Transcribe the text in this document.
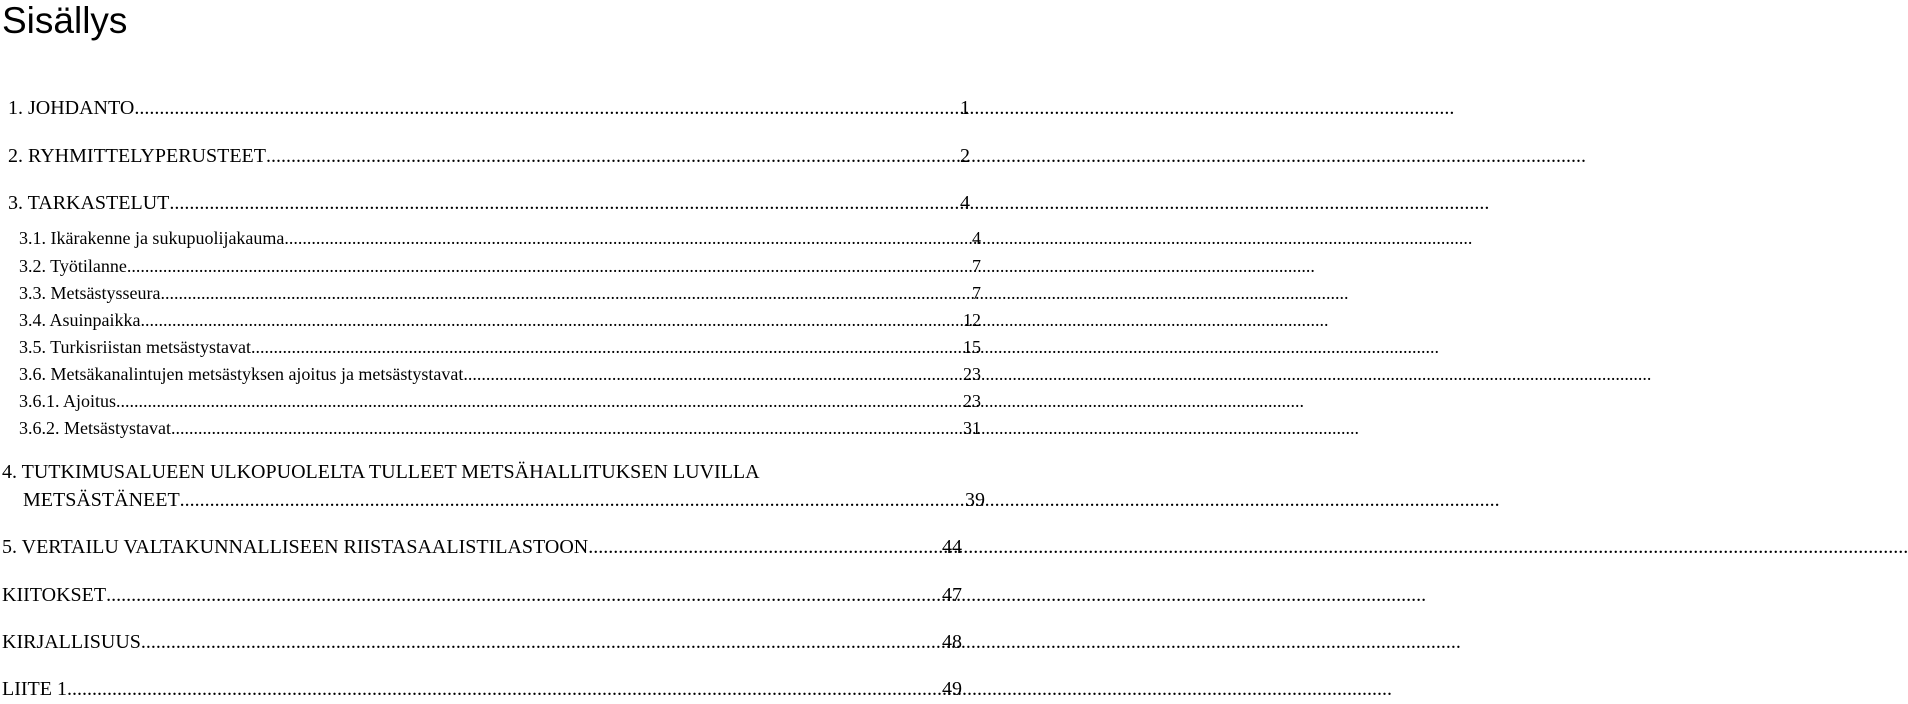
Sisällys
1. JOHDANTO .....	1
2. RYHMITTELYPERUSTEET .....	2
3. TARKASTELUT .....	4
3.1. Ikärakenne ja sukupuolijakauma .....	4
3.2. Työtilanne .....	7
3.3. Metsästysseura .....	7
3.4. Asuinpaikka .....	12
3.5. Turkisriistan metsästystavat .....	15
3.6. Metsäkanalintujen metsästyksen ajoitus ja metsästystavat .....	23
3.6.1. Ajoitus .....	23
3.6.2. Metsästystavat .....	31
4. TUTKIMUSALUEEN ULKOPUOLELTA TULLEET METSÄHALLITUKSEN LUVILLA
METSÄSTÄNEET .....	39
5. VERTAILU VALTAKUNNALLISEEN RIISTASAALISTILASTOON .....	44
KIITOKSET .....	47
KIRJALLISUUS .....	48
LIITE 1. .....	49
